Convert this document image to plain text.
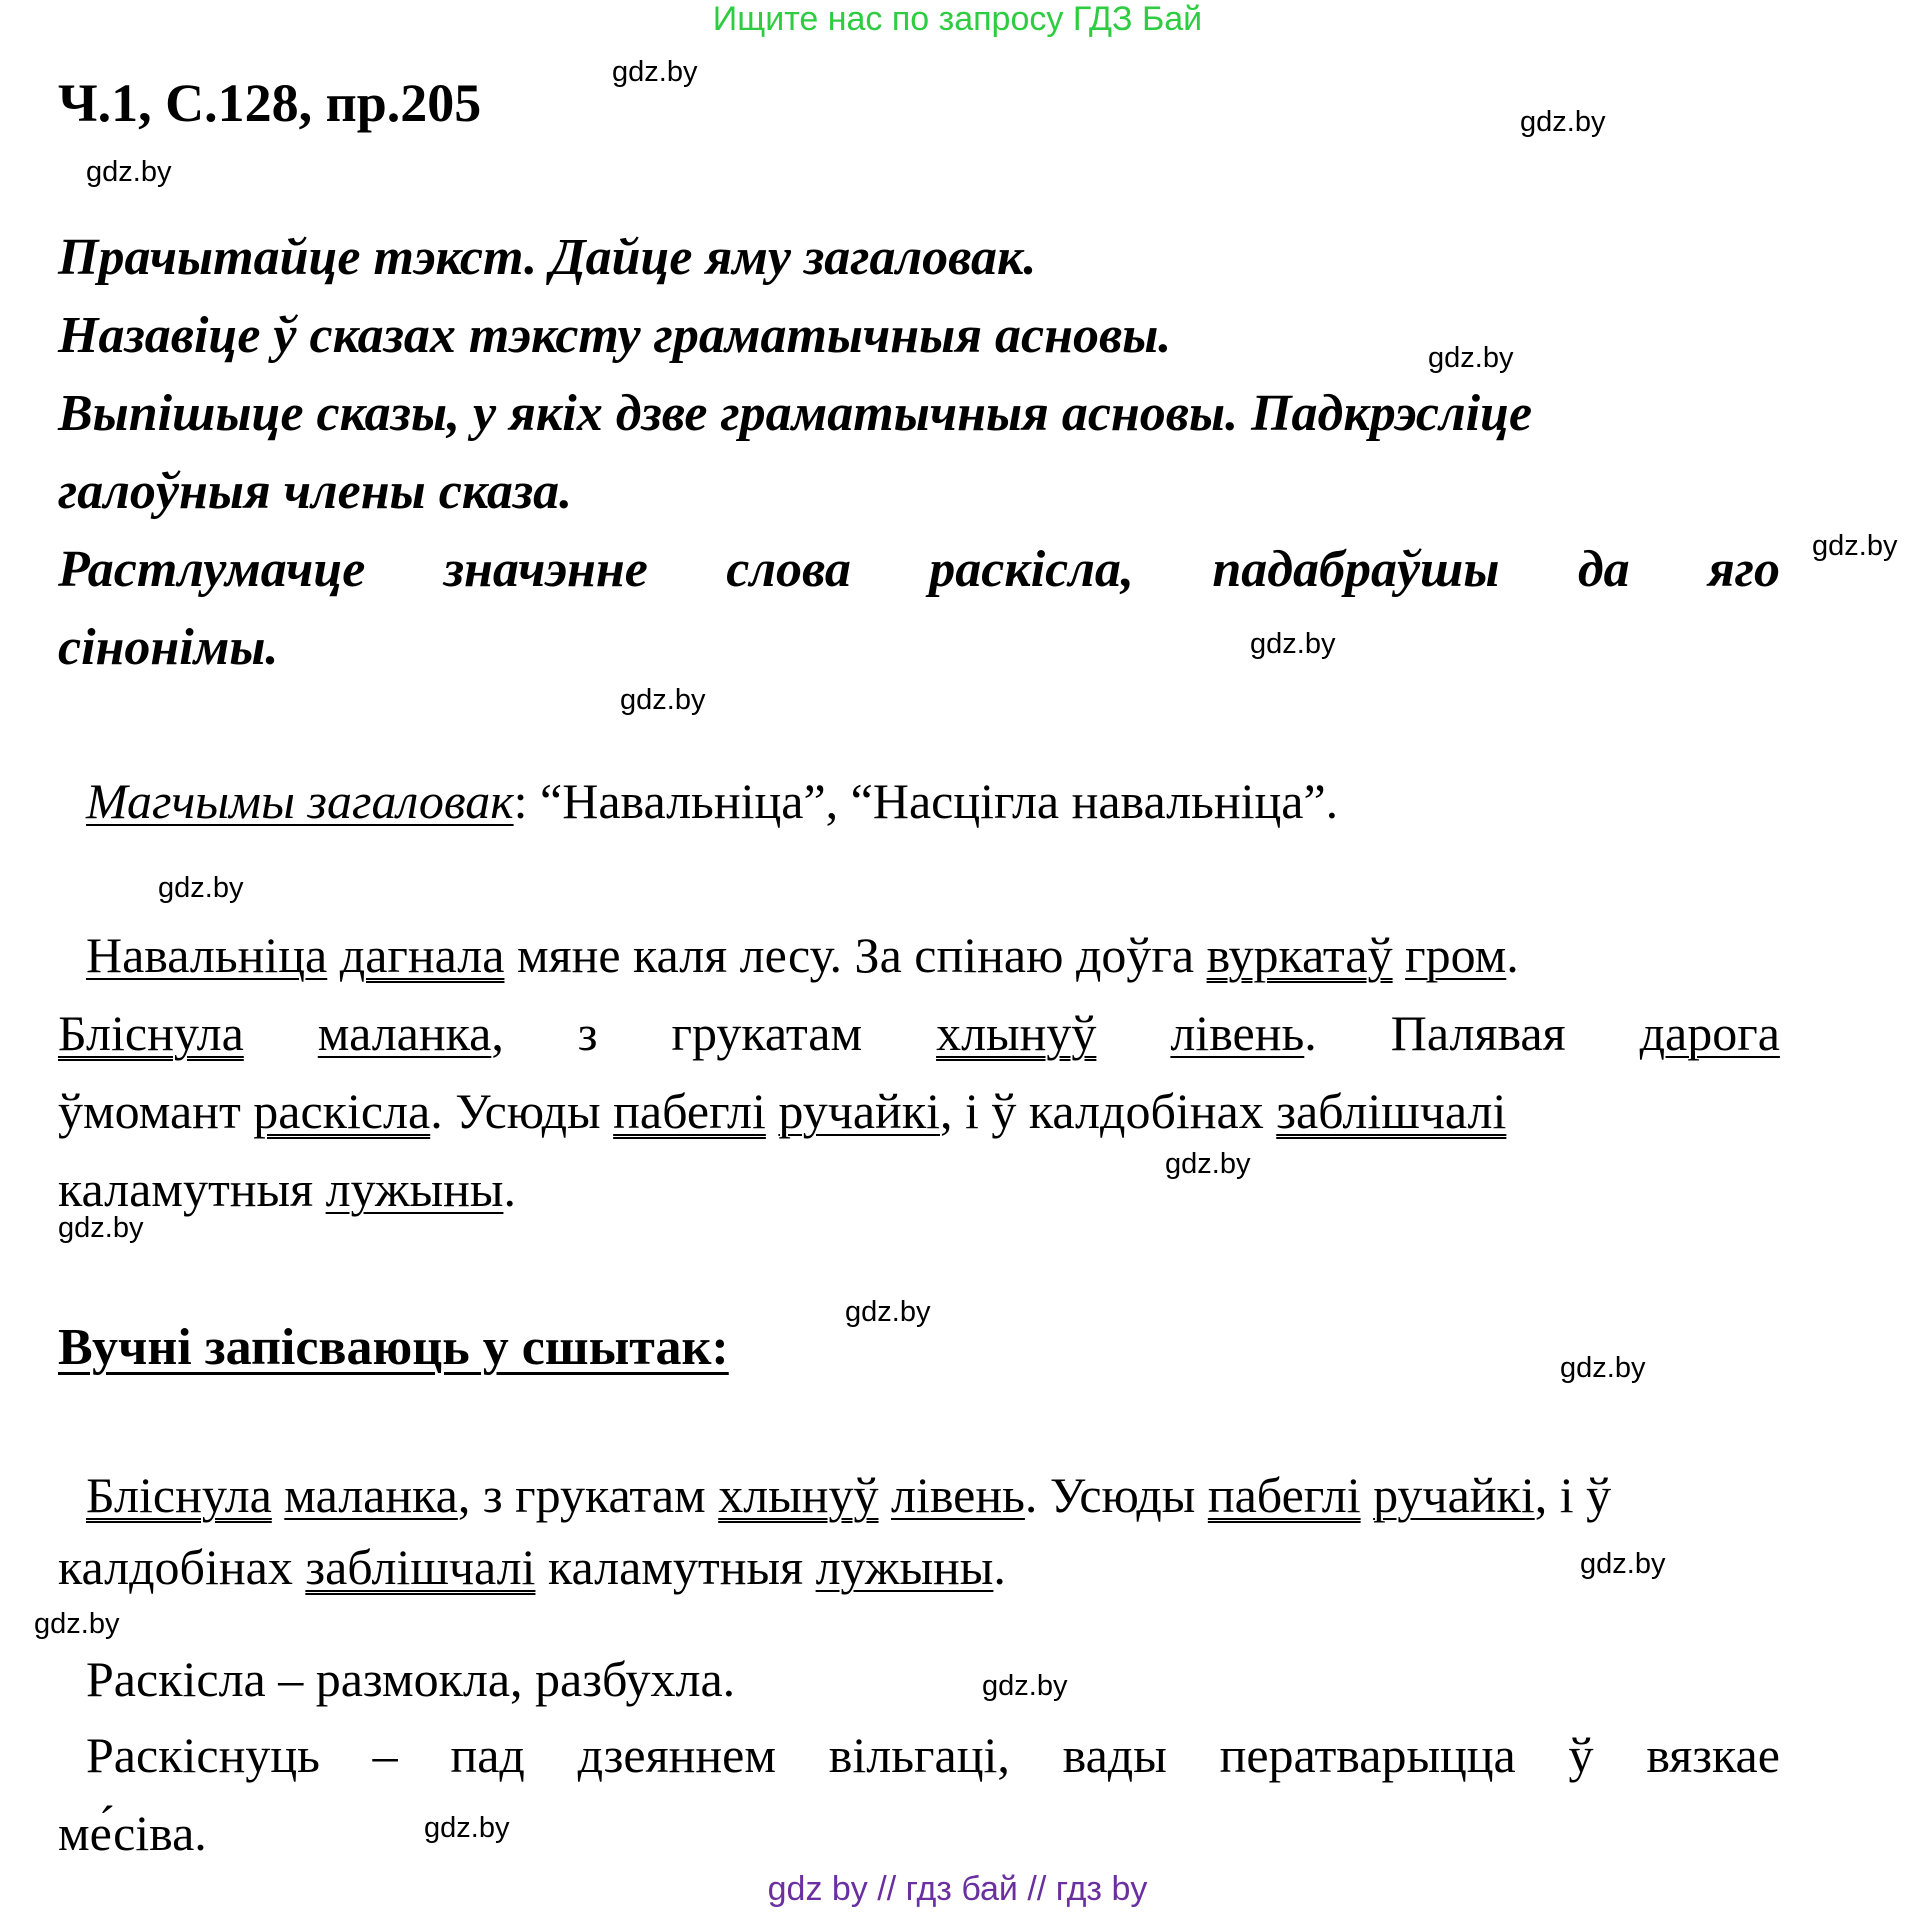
Ищите нас по запросу ГДЗ Бай
Ч.1, С.128, пр.205
gdz.by
gdz.by
gdz.by
gdz.by
gdz.by
gdz.by
gdz.by
gdz.by
gdz.by
gdz.by
gdz.by
gdz.by
gdz.by
gdz.by
gdz.by
gdz.by
Прачытайце тэкст. Дайце яму загаловак.
Назавіце ў сказах тэксту граматычныя асновы.
Выпішыце сказы, у якіх дзве граматычныя асновы. Падкрэсліце
галоўныя члены сказа.
Растлумачце значэнне слова раскісла, падабраўшы да яго
сінонімы.
Магчымы загаловак: “Навальніца”, “Насцігла навальніца”.
Навальніца дагнала мяне каля лесу. За спінаю доўга вуркатаў гром.
Бліснула маланка, з грукатам хлынуў лівень. Палявая дарога
ўмомант раскісла. Усюды пабеглі ручайкі, і ў калдобінах заблішчалі
каламутныя лужыны.
Вучні запісваюць у сшытак:
Бліснула маланка, з грукатам хлынуў лівень. Усюды пабеглі ручайкі, і ў
калдобінах заблішчалі каламутныя лужыны.
Раскісла – размокла, разбухла.
Раскіснуць – пад дзеяннем вільгаці, вады ператварыцца ў вязкае
ме́сіва.
gdz by // гдз бай // гдз by
